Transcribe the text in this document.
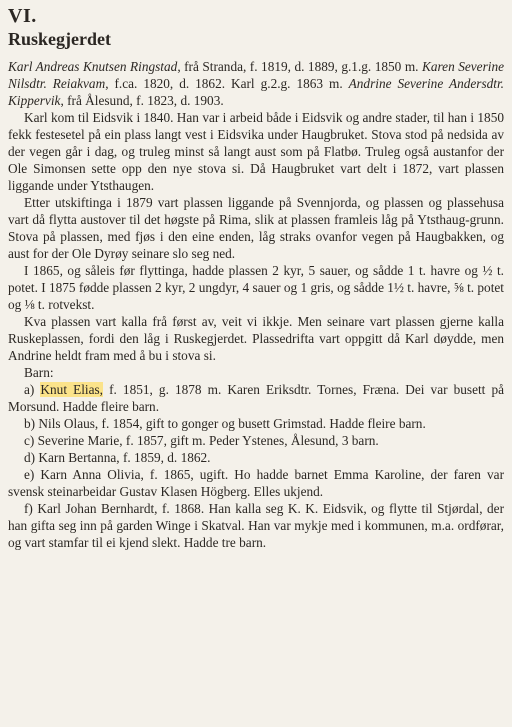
VI.
Ruskegjerdet

Karl Andreas Knutsen Ringstad, frå Stranda, f. 1819, d. 1889, g.1.g. 1850 m. Karen Severine Nilsdtr. Reiakvam, f.ca. 1820, d. 1862. Karl g.2.g. 1863 m. Andrine Severine Andersdtr. Kippervik, frå Ålesund, f. 1823, d. 1903.

Karl kom til Eidsvik i 1840. Han var i arbeid både i Eidsvik og andre stader, til han i 1850 fekk festesetel på ein plass langt vest i Eidsvika under Haugbruket. Stova stod på nedsida av der vegen går i dag, og truleg minst så langt aust som på Flatbø. Truleg også austanfor der Ole Simonsen sette opp den nye stova si. Då Haugbruket vart delt i 1872, vart plassen liggande under Ytsthaugen.

Etter utskiftinga i 1879 vart plassen liggande på Svennjorda, og plassen og plassehusa vart då flytta austover til det høgste på Rima, slik at plassen framleis låg på Ytsthaug-grunn. Stova på plassen, med fjøs i den eine enden, låg straks ovanfor vegen på Haugbakken, og aust for der Ole Dyrøy seinare slo seg ned.

I 1865, og såleis før flyttinga, hadde plassen 2 kyr, 5 sauer, og sådde 1 t. havre og ½ t. potet. I 1875 fødde plassen 2 kyr, 2 ungdyr, 4 sauer og 1 gris, og sådde 1½ t. havre, ⅝ t. potet og ⅛ t. rotvekst.

Kva plassen vart kalla frå først av, veit vi ikkje. Men seinare vart plassen gjerne kalla Ruskeplassen, fordi den låg i Ruskegjerdet. Plassedrifta vart oppgitt då Karl døydde, men Andrine heldt fram med å bu i stova si.

Barn:

a) Knut Elias, f. 1851, g. 1878 m. Karen Eriksdtr. Tornes, Fræna. Dei var busett på Morsund. Hadde fleire barn.

b) Nils Olaus, f. 1854, gift to gonger og busett Grimstad. Hadde fleire barn.

c) Severine Marie, f. 1857, gift m. Peder Ystenes, Ålesund, 3 barn.

d) Karn Bertanna, f. 1859, d. 1862.

e) Karn Anna Olivia, f. 1865, ugift. Ho hadde barnet Emma Karoline, der faren var svensk steinarbeidar Gustav Klasen Högberg. Elles ukjend.

f) Karl Johan Bernhardt, f. 1868. Han kalla seg K. K. Eidsvik, og flytte til Stjørdal, der han gifta seg inn på garden Winge i Skatval. Han var mykje med i kommunen, m.a. ordførar, og vart stamfar til ei kjend slekt. Hadde tre barn.
